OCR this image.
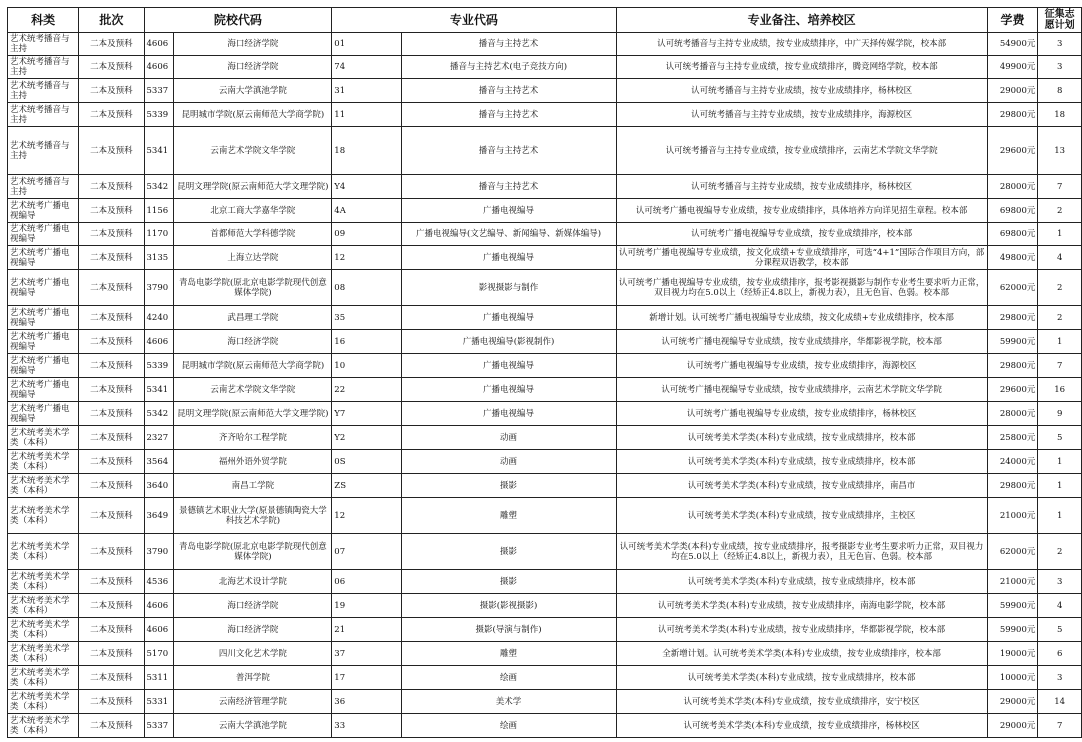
科类	批次	院校代码		专业代码		专业备注、培养校区	学费	征集志愿计划
艺术统考播音与主持	二本及预科	4606	海口经济学院	01	播音与主持艺术	认可统考播音与主持专业成绩，按专业成绩排序，中广天择传媒学院，校本部	54900元	3
艺术统考播音与主持	二本及预科	4606	海口经济学院	74	播音与主持艺术(电子竞技方向)	认可统考播音与主持专业成绩，按专业成绩排序，腾竞网络学院，校本部	49900元	3
艺术统考播音与主持	二本及预科	5337	云南大学滇池学院	31	播音与主持艺术	认可统考播音与主持专业成绩，按专业成绩排序，杨林校区	29000元	8
艺术统考播音与主持	二本及预科	5339	昆明城市学院(原云南师范大学商学院)	11	播音与主持艺术	认可统考播音与主持专业成绩，按专业成绩排序，海源校区	29800元	18
艺术统考播音与主持	二本及预科	5341	云南艺术学院文华学院	18	播音与主持艺术	认可统考播音与主持专业成绩，按专业成绩排序，云南艺术学院文华学院	29600元	13
艺术统考播音与主持	二本及预科	5342	昆明文理学院(原云南师范大学文理学院)	Y4	播音与主持艺术	认可统考播音与主持专业成绩，按专业成绩排序，杨林校区	28000元	7
艺术统考广播电视编导	二本及预科	1156	北京工商大学嘉华学院	4A	广播电视编导	认可统考广播电视编导专业成绩，按专业成绩排序，具体培养方向详见招生章程。校本部	69800元	2
艺术统考广播电视编导	二本及预科	1170	首都师范大学科德学院	09	广播电视编导(文艺编导、新闻编导、新媒体编导)	认可统考广播电视编导专业成绩，按专业成绩排序，校本部	69800元	1
艺术统考广播电视编导	二本及预科	3135	上海立达学院	12	广播电视编导	认可统考广播电视编导专业成绩，按文化成绩+专业成绩排序，可选“4+1”国际合作项目方向，部分课程双语教学，校本部	49800元	4
艺术统考广播电视编导	二本及预科	3790	青岛电影学院(原北京电影学院现代创意媒体学院)	08	影视摄影与制作	认可统考广播电视编导专业成绩，按专业成绩排序，报考影视摄影与制作专业考生要求听力正常，双目视力均在5.0以上（经矫正4.8以上，新视力表），且无色盲、色弱。校本部	62000元	2
艺术统考广播电视编导	二本及预科	4240	武昌理工学院	35	广播电视编导	新增计划。认可统考广播电视编导专业成绩，按文化成绩+专业成绩排序，校本部	29800元	2
艺术统考广播电视编导	二本及预科	4606	海口经济学院	16	广播电视编导(影视制作)	认可统考广播电视编导专业成绩，按专业成绩排序，华都影视学院，校本部	59900元	1
艺术统考广播电视编导	二本及预科	5339	昆明城市学院(原云南师范大学商学院)	10	广播电视编导	认可统考广播电视编导专业成绩，按专业成绩排序，海源校区	29800元	7
艺术统考广播电视编导	二本及预科	5341	云南艺术学院文华学院	22	广播电视编导	认可统考广播电视编导专业成绩，按专业成绩排序，云南艺术学院文华学院	29600元	16
艺术统考广播电视编导	二本及预科	5342	昆明文理学院(原云南师范大学文理学院)	Y7	广播电视编导	认可统考广播电视编导专业成绩，按专业成绩排序，杨林校区	28000元	9
艺术统考美术学类（本科）	二本及预科	2327	齐齐哈尔工程学院	Y2	动画	认可统考美术学类(本科)专业成绩，按专业成绩排序，校本部	25800元	5
艺术统考美术学类（本科）	二本及预科	3564	福州外语外贸学院	0S	动画	认可统考美术学类(本科)专业成绩，按专业成绩排序，校本部	24000元	1
艺术统考美术学类（本科）	二本及预科	3640	南昌工学院	ZS	摄影	认可统考美术学类(本科)专业成绩，按专业成绩排序，南昌市	29800元	1
艺术统考美术学类（本科）	二本及预科	3649	景德镇艺术职业大学(原景德镇陶瓷大学科技艺术学院)	12	雕塑	认可统考美术学类(本科)专业成绩，按专业成绩排序，主校区	21000元	1
艺术统考美术学类（本科）	二本及预科	3790	青岛电影学院(原北京电影学院现代创意媒体学院)	07	摄影	认可统考美术学类(本科)专业成绩，按专业成绩排序，报考摄影专业考生要求听力正常，双目视力均在5.0以上（经矫正4.8以上，新视力表），且无色盲、色弱。校本部	62000元	2
艺术统考美术学类（本科）	二本及预科	4536	北海艺术设计学院	06	摄影	认可统考美术学类(本科)专业成绩，按专业成绩排序，校本部	21000元	3
艺术统考美术学类（本科）	二本及预科	4606	海口经济学院	19	摄影(影视摄影)	认可统考美术学类(本科)专业成绩，按专业成绩排序，南海电影学院，校本部	59900元	4
艺术统考美术学类（本科）	二本及预科	4606	海口经济学院	21	摄影(导演与制作)	认可统考美术学类(本科)专业成绩，按专业成绩排序，华都影视学院，校本部	59900元	5
艺术统考美术学类（本科）	二本及预科	5170	四川文化艺术学院	37	雕塑	全新增计划。认可统考美术学类(本科)专业成绩，按专业成绩排序，校本部	19000元	6
艺术统考美术学类（本科）	二本及预科	5311	普洱学院	17	绘画	认可统考美术学类(本科)专业成绩，按专业成绩排序，校本部	10000元	3
艺术统考美术学类（本科）	二本及预科	5331	云南经济管理学院	36	美术学	认可统考美术学类(本科)专业成绩，按专业成绩排序，安宁校区	29000元	14
艺术统考美术学类（本科）	二本及预科	5337	云南大学滇池学院	33	绘画	认可统考美术学类(本科)专业成绩，按专业成绩排序，杨林校区	29000元	7
